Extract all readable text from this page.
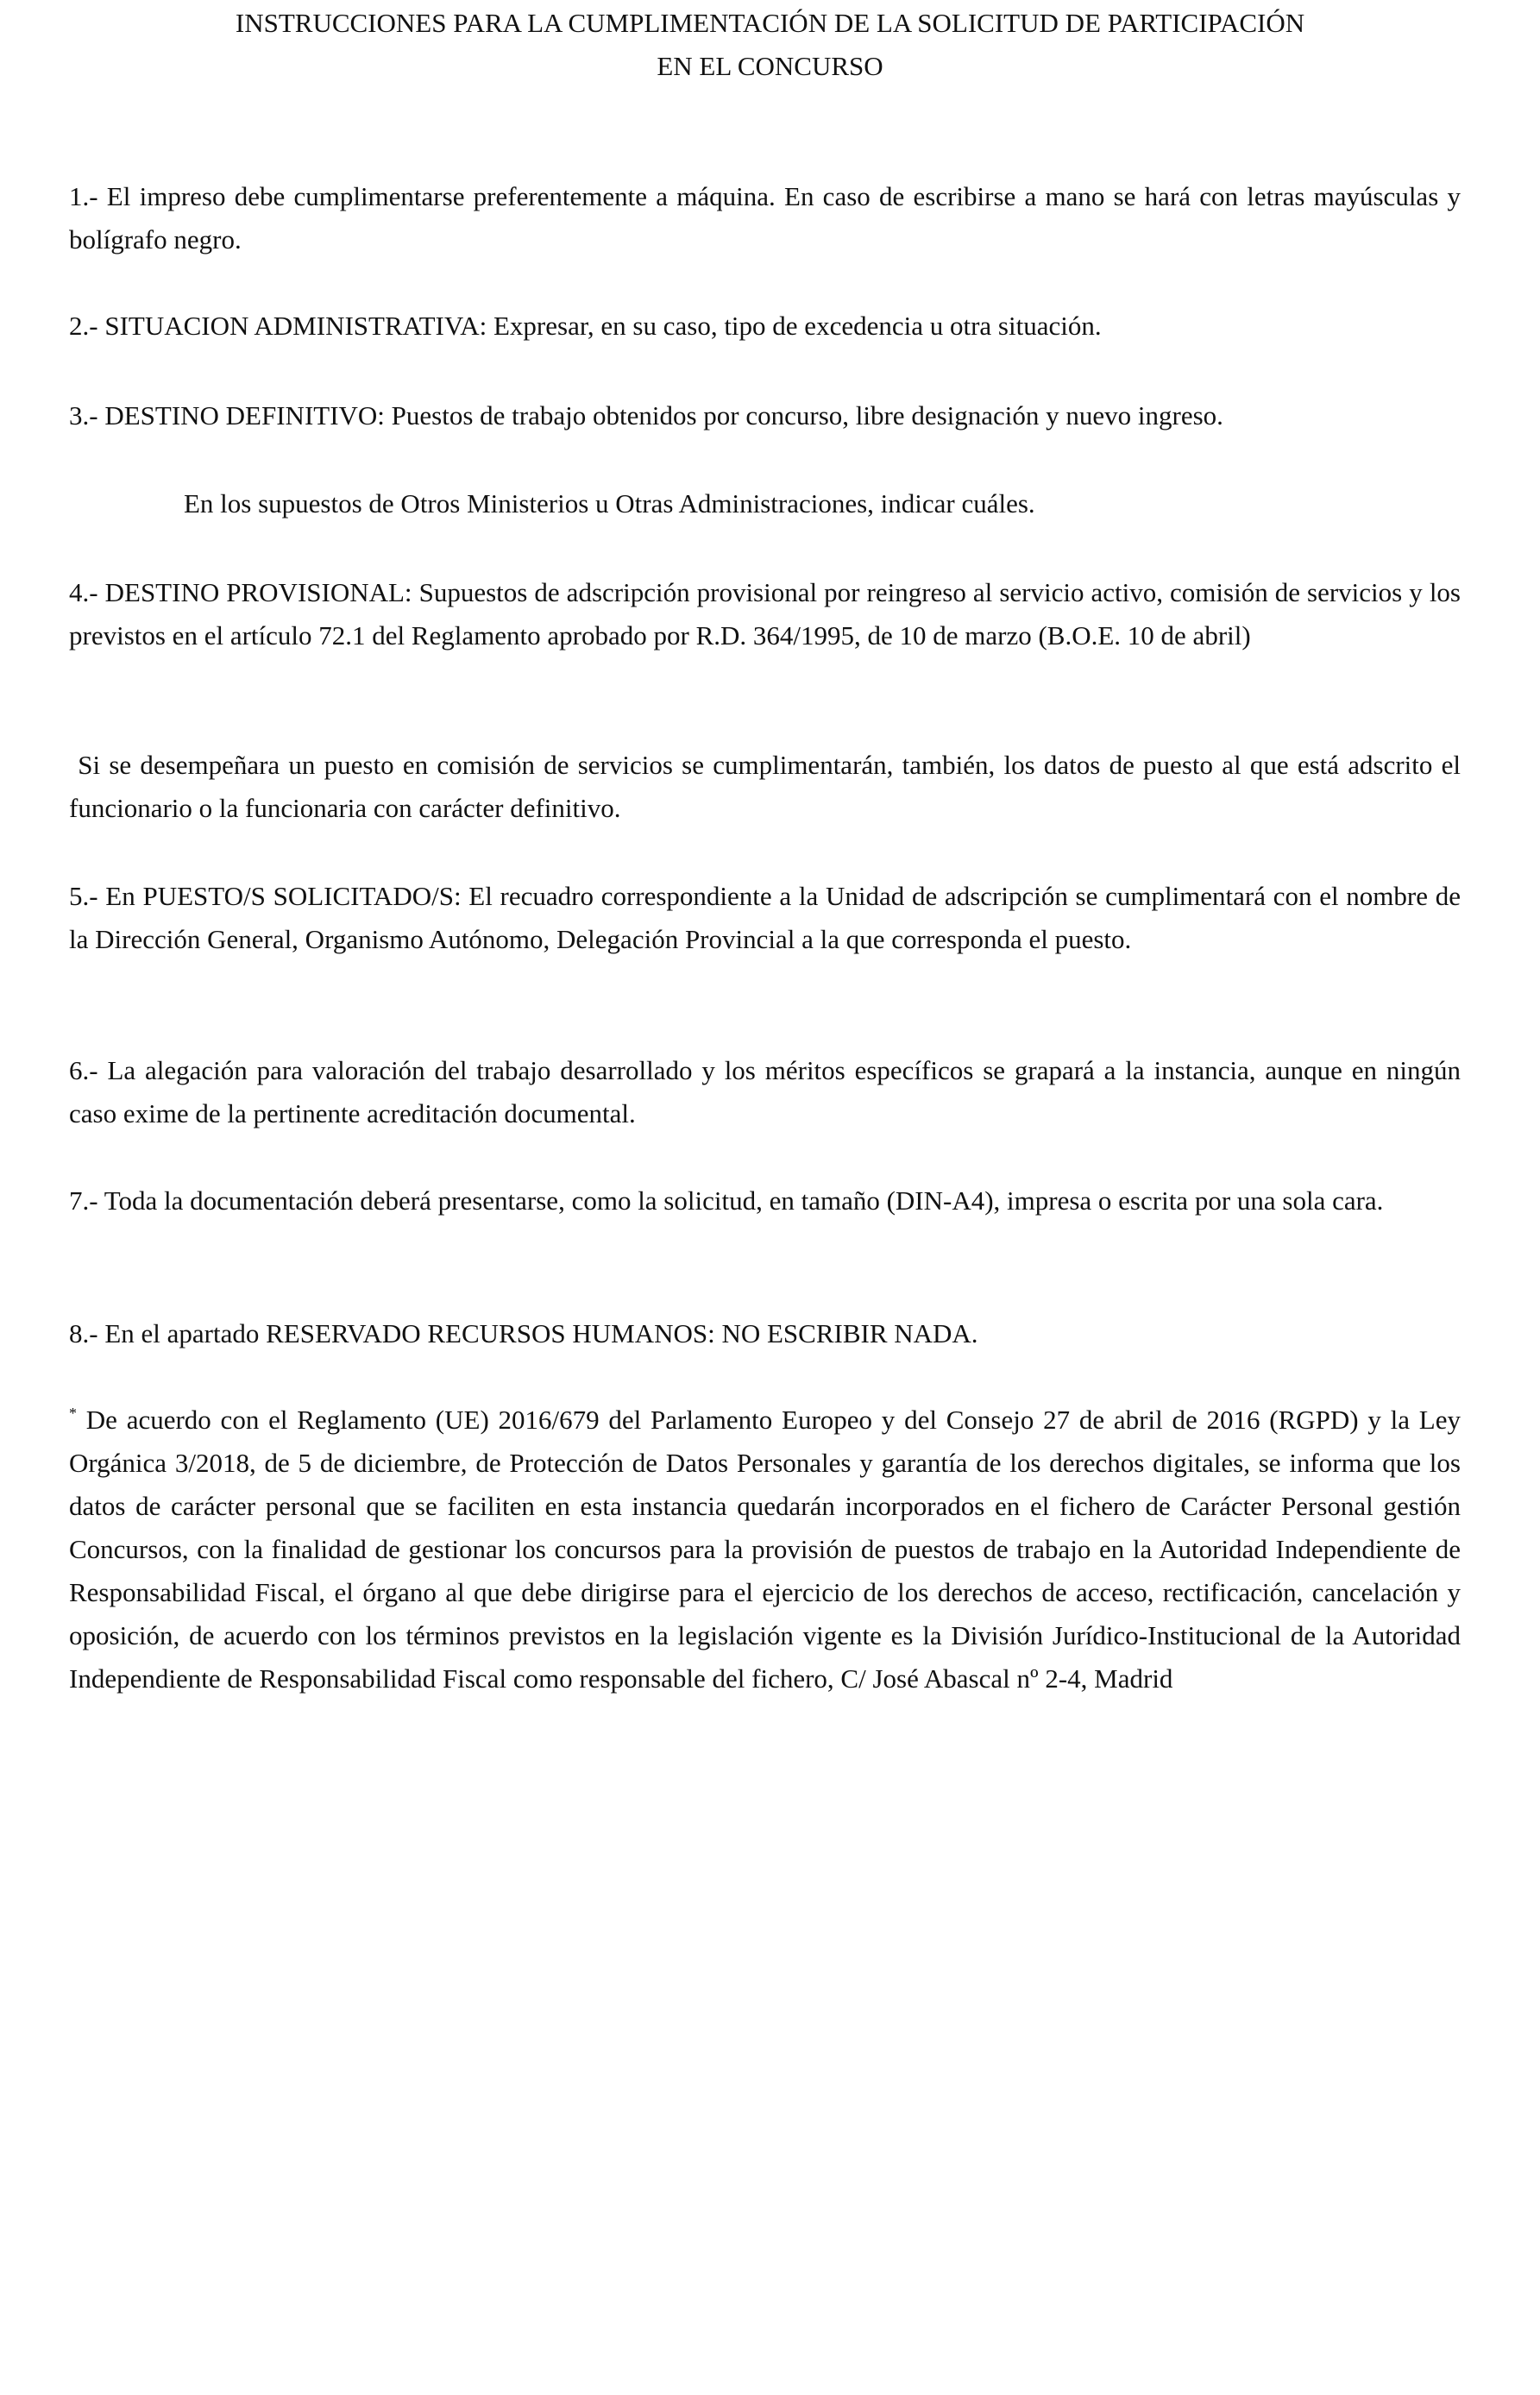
INSTRUCCIONES PARA LA CUMPLIMENTACIÓN DE LA SOLICITUD DE PARTICIPACIÓN
EN EL CONCURSO

1.- El impreso debe cumplimentarse preferentemente a máquina. En caso de escribirse a mano se hará con letras mayúsculas y bolígrafo negro.

2.- SITUACION ADMINISTRATIVA: Expresar, en su caso, tipo de excedencia u otra situación.

3.- DESTINO DEFINITIVO: Puestos de trabajo obtenidos por concurso, libre designación y nuevo ingreso.

En los supuestos de Otros Ministerios u Otras Administraciones, indicar cuáles.

4.- DESTINO PROVISIONAL: Supuestos de adscripción provisional por reingreso al servicio activo, comisión de servicios y los previstos en el artículo 72.1 del Reglamento aprobado por R.D. 364/1995, de 10 de marzo (B.O.E. 10 de abril)

Si se desempeñara un puesto en comisión de servicios se cumplimentarán, también, los datos de puesto al que está adscrito el funcionario o la funcionaria con carácter definitivo.

5.- En PUESTO/S SOLICITADO/S: El recuadro correspondiente a la Unidad de adscripción se cumplimentará con el nombre de la Dirección General, Organismo Autónomo, Delegación Provincial a la que corresponda el puesto.

6.- La alegación para valoración del trabajo desarrollado y los méritos específicos se grapará a la instancia, aunque en ningún caso exime de la pertinente acreditación documental.

7.- Toda la documentación deberá presentarse, como la solicitud, en tamaño (DIN-A4), impresa o escrita por una sola cara.

8.- En el apartado RESERVADO RECURSOS HUMANOS: NO ESCRIBIR NADA.

* De acuerdo con el Reglamento (UE) 2016/679 del Parlamento Europeo y del Consejo 27 de abril de 2016 (RGPD) y la Ley Orgánica 3/2018, de 5 de diciembre, de Protección de Datos Personales y garantía de los derechos digitales, se informa que los datos de carácter personal que se faciliten en esta instancia quedarán incorporados en el fichero de Carácter Personal gestión Concursos, con la finalidad de gestionar los concursos para la provisión de puestos de trabajo en la Autoridad Independiente de Responsabilidad Fiscal, el órgano al que debe dirigirse para el ejercicio de los derechos de acceso, rectificación, cancelación y oposición, de acuerdo con los términos previstos en la legislación vigente es la División Jurídico-Institucional de la Autoridad Independiente de Responsabilidad Fiscal como responsable del fichero, C/ José Abascal nº 2-4, Madrid
